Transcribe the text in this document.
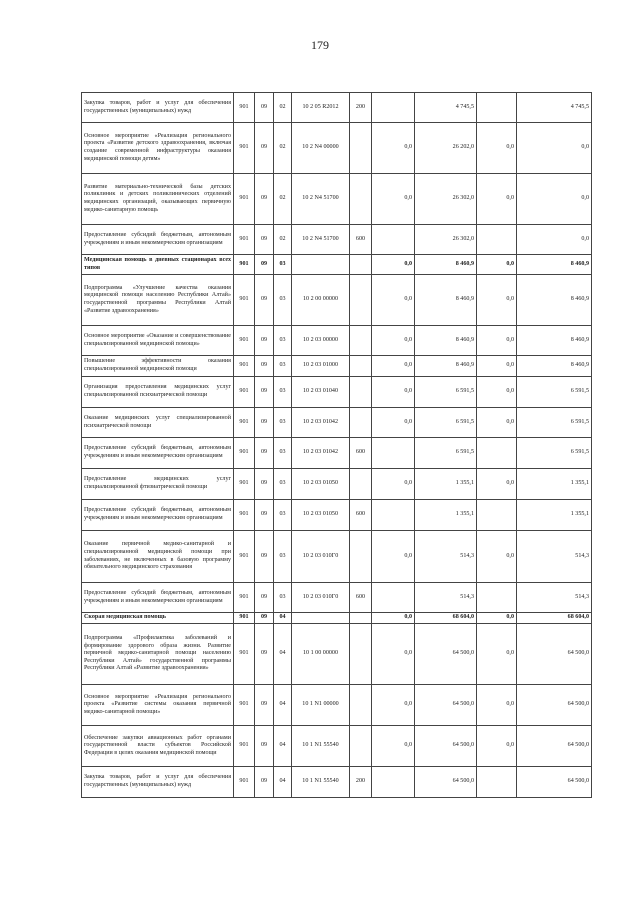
179
Закупка товаров, работ и услуг для обеспечения государственных (муниципальных) нужд	901	09	02	10 2 05 R2012	200		4 745,5		4 745,5
Основное мероприятие «Реализация регионального проекта «Развитие детского здравоохранения, включая создание современной инфраструктуры оказания медицинской помощи детям»	901	09	02	10 2 N4 00000		0,0	26 202,0	0,0	0,0
Развитие материально-технической базы детских поликлиник и детских поликлинических отделений медицинских организаций, оказывающих первичную медико-санитарную помощь	901	09	02	10 2 N4 51700		0,0	26 302,0	0,0	0,0
Предоставление субсидий бюджетным, автономным учреждениям и иным некоммерческим организациям	901	09	02	10 2 N4 51700	600		26 302,0		0,0
Медицинская помощь в дневных стационарах всех типов	901	09	03			0,0	8 460,9	0,0	8 460,9
Подпрограмма «Улучшение качества оказания медицинской помощи населению Республики Алтай» государственной программы Республики Алтай «Развитие здравоохранения»	901	09	03	10 2 00 00000		0,0	8 460,9	0,0	8 460,9
Основное мероприятие «Оказание и совершенствование специализированной медицинской помощи»	901	09	03	10 2 03 00000		0,0	8 460,9	0,0	8 460,9
Повышение эффективности оказания специализированной медицинской помощи	901	09	03	10 2 03 01000		0,0	8 460,9	0,0	8 460,9
Организация предоставления медицинских услуг специализированной психиатрической помощи	901	09	03	10 2 03 01040		0,0	6 591,5	0,0	6 591,5
Оказание медицинских услуг специализированной психиатрической помощи	901	09	03	10 2 03 01042		0,0	6 591,5	0,0	6 591,5
Предоставление субсидий бюджетным, автономным учреждениям и иным некоммерческим организациям	901	09	03	10 2 03 01042	600		6 591,5		6 591,5
Предоставление медицинских услуг специализированной фтизиатрической помощи	901	09	03	10 2 03 01050		0,0	1 355,1	0,0	1 355,1
Предоставление субсидий бюджетным, автономным учреждениям и иным некоммерческим организациям	901	09	03	10 2 03 01050	600		1 355,1		1 355,1
Оказание первичной медико-санитарной и специализированной медицинской помощи при заболеваниях, не включенных в базовую программу обязательного медицинского страхования	901	09	03	10 2 03 010Г0		0,0	514,3	0,0	514,3
Предоставление субсидий бюджетным, автономным учреждениям и иным некоммерческим организациям	901	09	03	10 2 03 010Г0	600		514,3		514,3
Скорая медицинская помощь	901	09	04			0,0	68 604,0	0,0	68 604,0
Подпрограмма «Профилактика заболеваний и формирование здорового образа жизни. Развитие первичной медико-санитарной помощи населению Республики Алтай» государственной программы Республики Алтай «Развитие здравоохранения»	901	09	04	10 1 00 00000		0,0	64 500,0	0,0	64 500,0
Основное мероприятие «Реализация регионального проекта «Развитие системы оказания первичной медико-санитарной помощи»	901	09	04	10 1 N1 00000		0,0	64 500,0	0,0	64 500,0
Обеспечение закупки авиационных работ органами государственной власти субъектов Российской Федерации в целях оказания медицинской помощи	901	09	04	10 1 N1 55540		0,0	64 500,0	0,0	64 500,0
Закупка товаров, работ и услуг для обеспечения государственных (муниципальных) нужд	901	09	04	10 1 N1 55540	200		64 500,0		64 500,0
